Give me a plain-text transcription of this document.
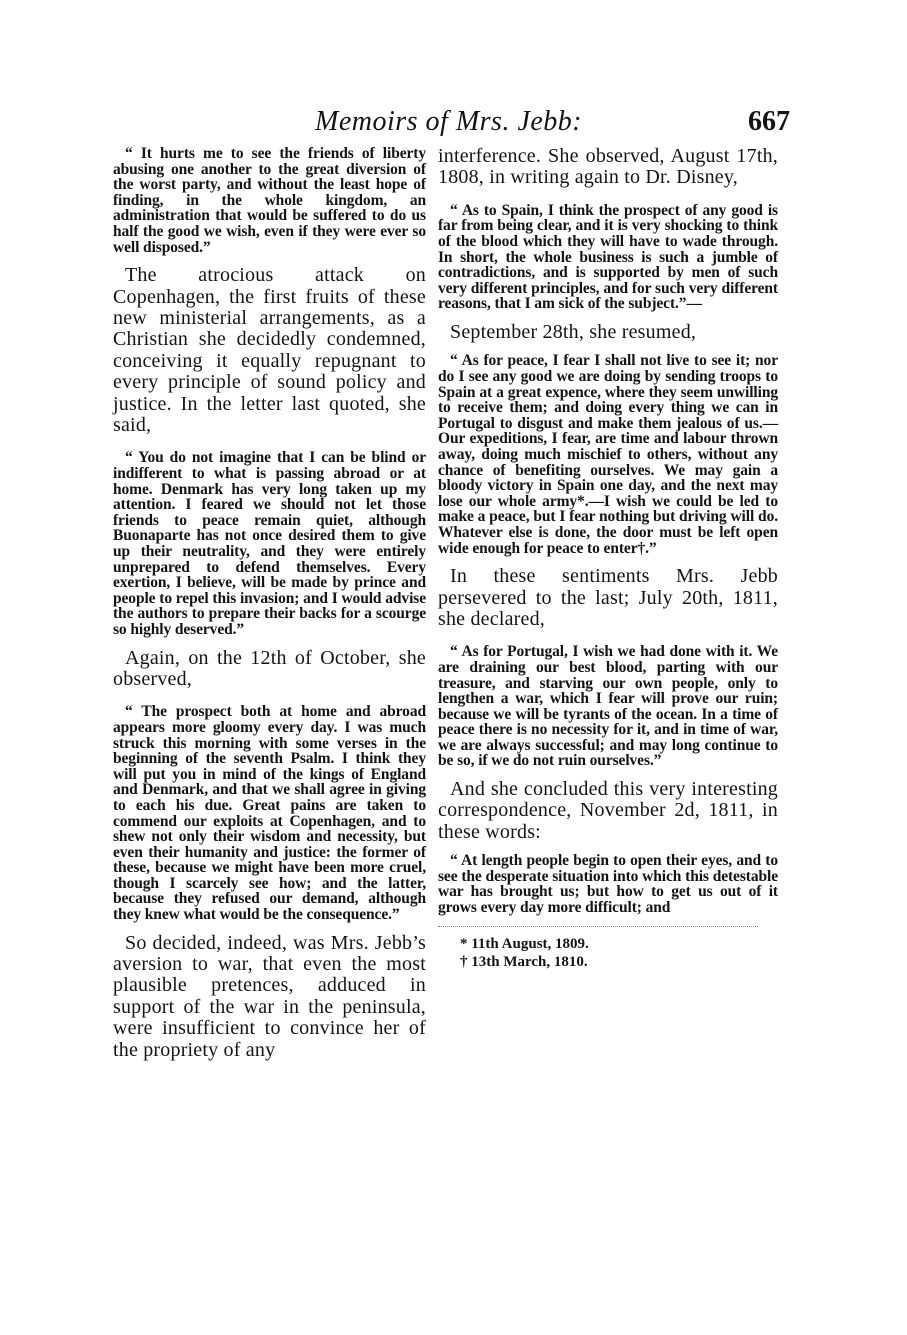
Memoirs of Mrs. Jebb:	667

“ It hurts me to see the friends of liberty abusing one another to the great diversion of the worst party, and without the least hope of finding, in the whole kingdom, an administration that would be suffered to do us half the good we wish, even if they were ever so well disposed.”

The atrocious attack on Copenhagen, the first fruits of these new ministerial arrangements, as a Christian she decidedly condemned, conceiving it equally repugnant to every principle of sound policy and justice. In the letter last quoted, she said,

“ You do not imagine that I can be blind or indifferent to what is passing abroad or at home. Denmark has very long taken up my attention. I feared we should not let those friends to peace remain quiet, although Buonaparte has not once desired them to give up their neutrality, and they were entirely unprepared to defend themselves. Every exertion, I believe, will be made by prince and people to repel this invasion; and I would advise the authors to prepare their backs for a scourge so highly deserved.”

Again, on the 12th of October, she observed,

“ The prospect both at home and abroad appears more gloomy every day. I was much struck this morning with some verses in the beginning of the seventh Psalm. I think they will put you in mind of the kings of England and Denmark, and that we shall agree in giving to each his due. Great pains are taken to commend our exploits at Copenhagen, and to shew not only their wisdom and necessity, but even their humanity and justice: the former of these, because we might have been more cruel, though I scarcely see how; and the latter, because they refused our demand, although they knew what would be the consequence.”

So decided, indeed, was Mrs. Jebb’s aversion to war, that even the most plausible pretences, adduced in support of the war in the peninsula, were insufficient to convince her of the propriety of any

interference. She observed, August 17th, 1808, in writing again to Dr. Disney,

“ As to Spain, I think the prospect of any good is far from being clear, and it is very shocking to think of the blood which they will have to wade through. In short, the whole business is such a jumble of contradictions, and is supported by men of such very different principles, and for such very different reasons, that I am sick of the subject.”—

September 28th, she resumed,

“ As for peace, I fear I shall not live to see it; nor do I see any good we are doing by sending troops to Spain at a great expence, where they seem unwilling to receive them; and doing every thing we can in Portugal to disgust and make them jealous of us.—Our expeditions, I fear, are time and labour thrown away, doing much mischief to others, without any chance of benefiting ourselves. We may gain a bloody victory in Spain one day, and the next may lose our whole army*.—I wish we could be led to make a peace, but I fear nothing but driving will do. Whatever else is done, the door must be left open wide enough for peace to enter†.”

In these sentiments Mrs. Jebb persevered to the last; July 20th, 1811, she declared,

“ As for Portugal, I wish we had done with it. We are draining our best blood, parting with our treasure, and starving our own people, only to lengthen a war, which I fear will prove our ruin; because we will be tyrants of the ocean. In a time of peace there is no necessity for it, and in time of war, we are always successful; and may long continue to be so, if we do not ruin ourselves.”

And she concluded this very interesting correspondence, November 2d, 1811, in these words:

“ At length people begin to open their eyes, and to see the desperate situation into which this detestable war has brought us; but how to get us out of it grows every day more difficult; and

* 11th August, 1809.
† 13th March, 1810.
